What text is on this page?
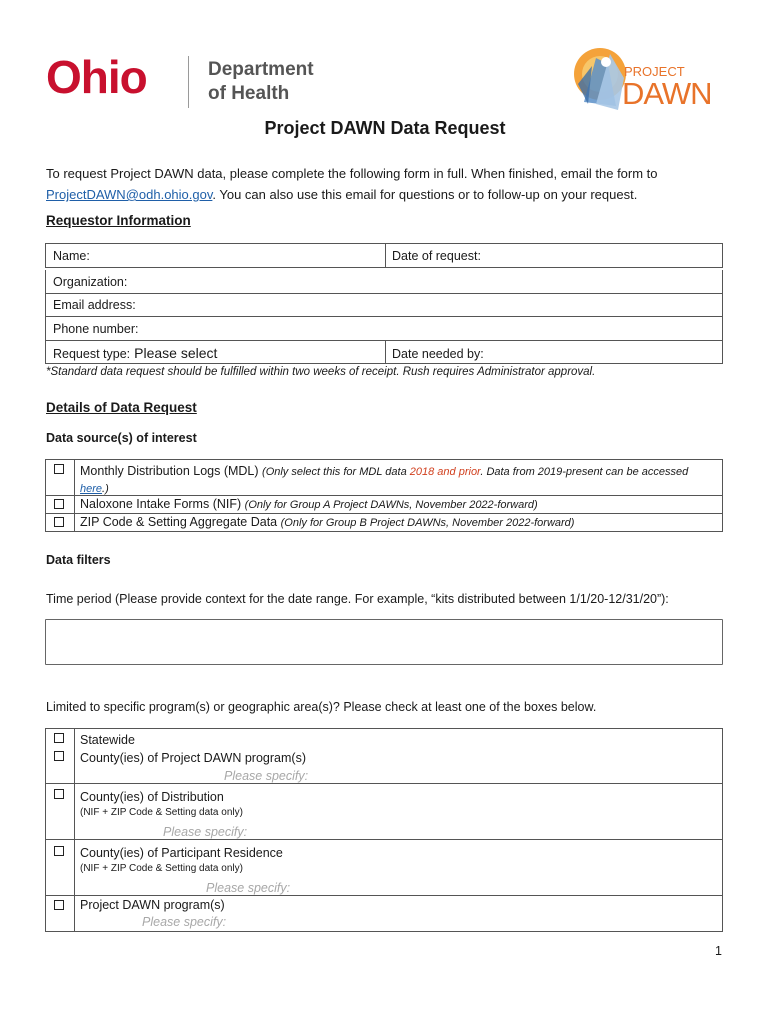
Ohio	Department
of Health
PROJECT
DAWN
Project DAWN Data Request
To request Project DAWN data, please complete the following form in full. When finished, email the form to
ProjectDAWN@odh.ohio.gov. You can also use this email for questions or to follow-up on your request.
Requestor Information
Name:	Date of request:
Organization:
Email address:
Phone number:
Request type: Please select	Date needed by:
*Standard data request should be fulfilled within two weeks of receipt. Rush requires Administrator approval.
Details of Data Request
Data source(s) of interest
Monthly Distribution Logs (MDL) (Only select this for MDL data 2018 and prior. Data from 2019-present can be accessed
here.)
Naloxone Intake Forms (NIF) (Only for Group A Project DAWNs, November 2022-forward)
ZIP Code & Setting Aggregate Data (Only for Group B Project DAWNs, November 2022-forward)
Data filters
Time period (Please provide context for the date range. For example, “kits distributed between 1/1/20-12/31/20”):
Limited to specific program(s) or geographic area(s)? Please check at least one of the boxes below.
Statewide
County(ies) of Project DAWN program(s)
Please specify:
County(ies) of Distribution
(NIF + ZIP Code & Setting data only)
Please specify:
County(ies) of Participant Residence
(NIF + ZIP Code & Setting data only)
Please specify:
Project DAWN program(s)
Please specify:
1
